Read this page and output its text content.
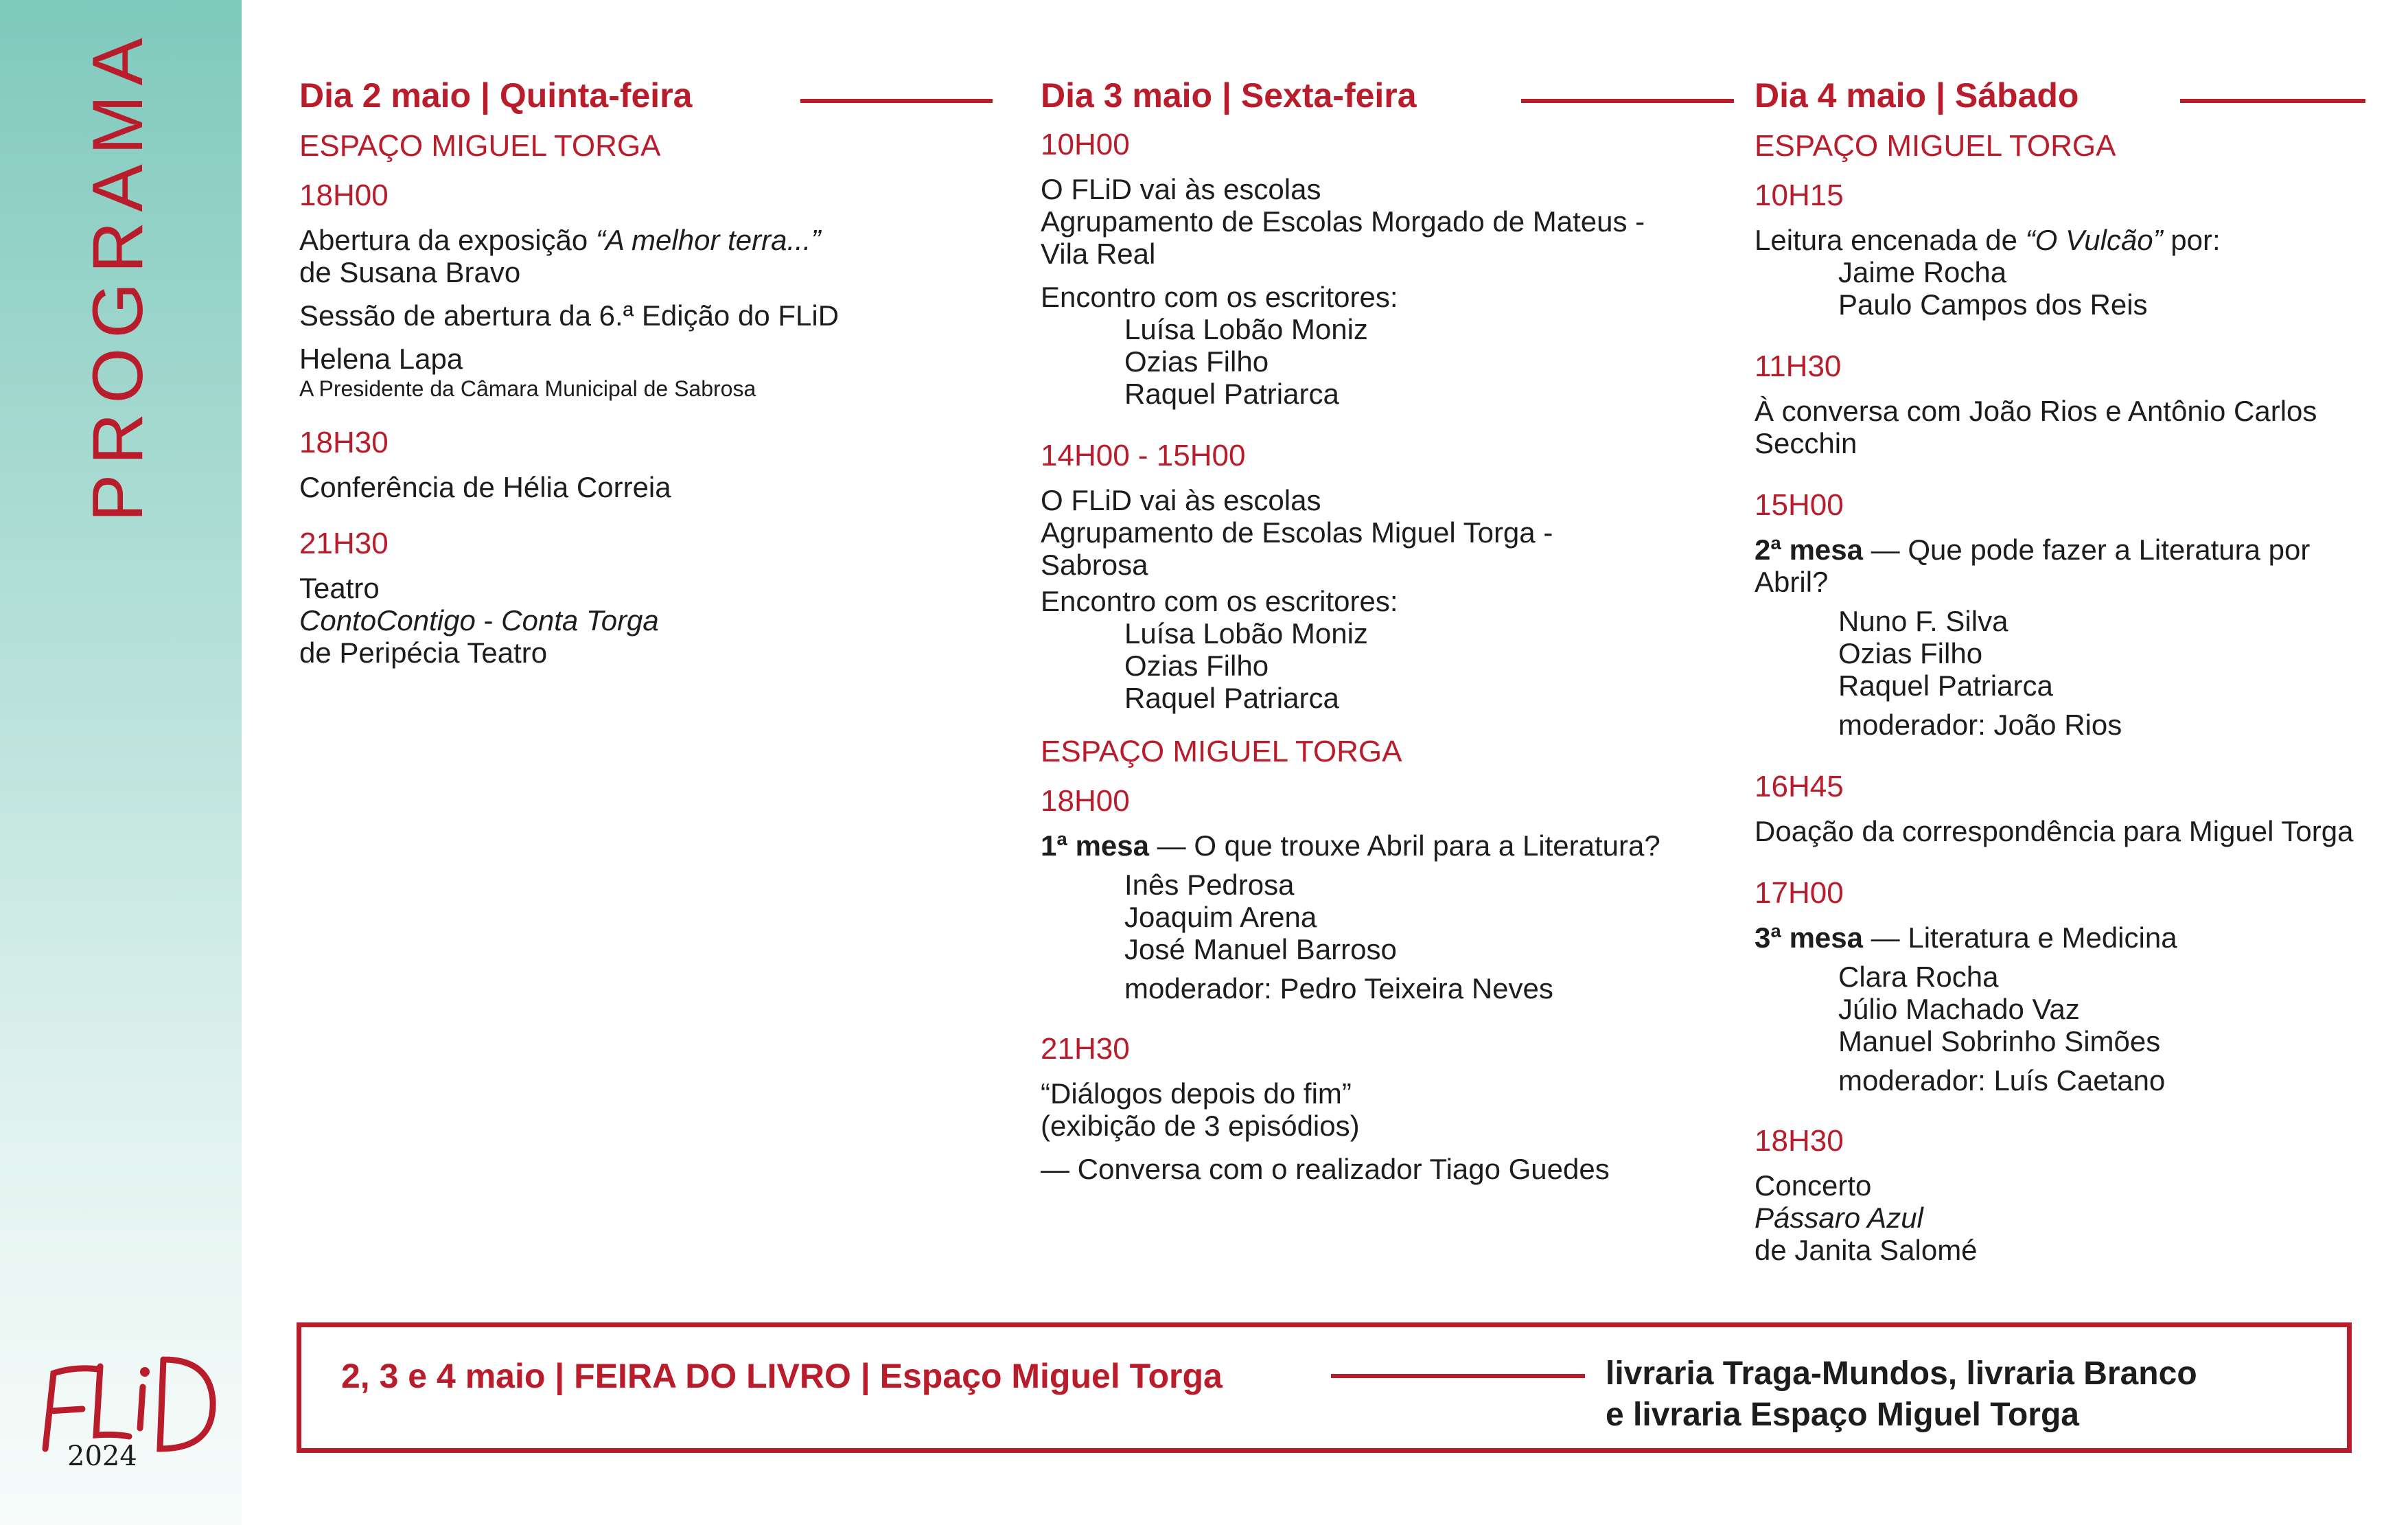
PROGRAMA
2024
Dia 2 maio | Quinta-feira
ESPAÇO MIGUEL TORGA
18H00
Abertura da exposição “A melhor terra...”
de Susana Bravo
Sessão de abertura da 6.ª Edição do FLiD
Helena Lapa
A Presidente da Câmara Municipal de Sabrosa
18H30
Conferência de Hélia Correia
21H30
Teatro
ContoContigo - Conta Torga
de Peripécia Teatro
Dia 3 maio | Sexta-feira
10H00
O FLiD vai às escolas
Agrupamento de Escolas Morgado de Mateus -
Vila Real
Encontro com os escritores:
Luísa Lobão Moniz
Ozias Filho
Raquel Patriarca
14H00 - 15H00
O FLiD vai às escolas
Agrupamento de Escolas Miguel Torga -
Sabrosa
Encontro com os escritores:
Luísa Lobão Moniz
Ozias Filho
Raquel Patriarca
ESPAÇO MIGUEL TORGA
18H00
1ª mesa — O que trouxe Abril para a Literatura?
Inês Pedrosa
Joaquim Arena
José Manuel Barroso
moderador: Pedro Teixeira Neves
21H30
“Diálogos depois do fim”
(exibição de 3 episódios)
— Conversa com o realizador Tiago Guedes
Dia 4 maio | Sábado
ESPAÇO MIGUEL TORGA
10H15
Leitura encenada de “O Vulcão” por:
Jaime Rocha
Paulo Campos dos Reis
11H30
À conversa com João Rios e Antônio Carlos
Secchin
15H00
2ª mesa — Que pode fazer a Literatura por
Abril?
Nuno F. Silva
Ozias Filho
Raquel Patriarca
moderador: João Rios
16H45
Doação da correspondência para Miguel Torga
17H00
3ª mesa — Literatura e Medicina
Clara Rocha
Júlio Machado Vaz
Manuel Sobrinho Simões
moderador: Luís Caetano
18H30
Concerto
Pássaro Azul
de Janita Salomé
2, 3 e 4 maio | FEIRA DO LIVRO | Espaço Miguel Torga	livraria Traga-Mundos, livraria Branco
e livraria Espaço Miguel Torga
